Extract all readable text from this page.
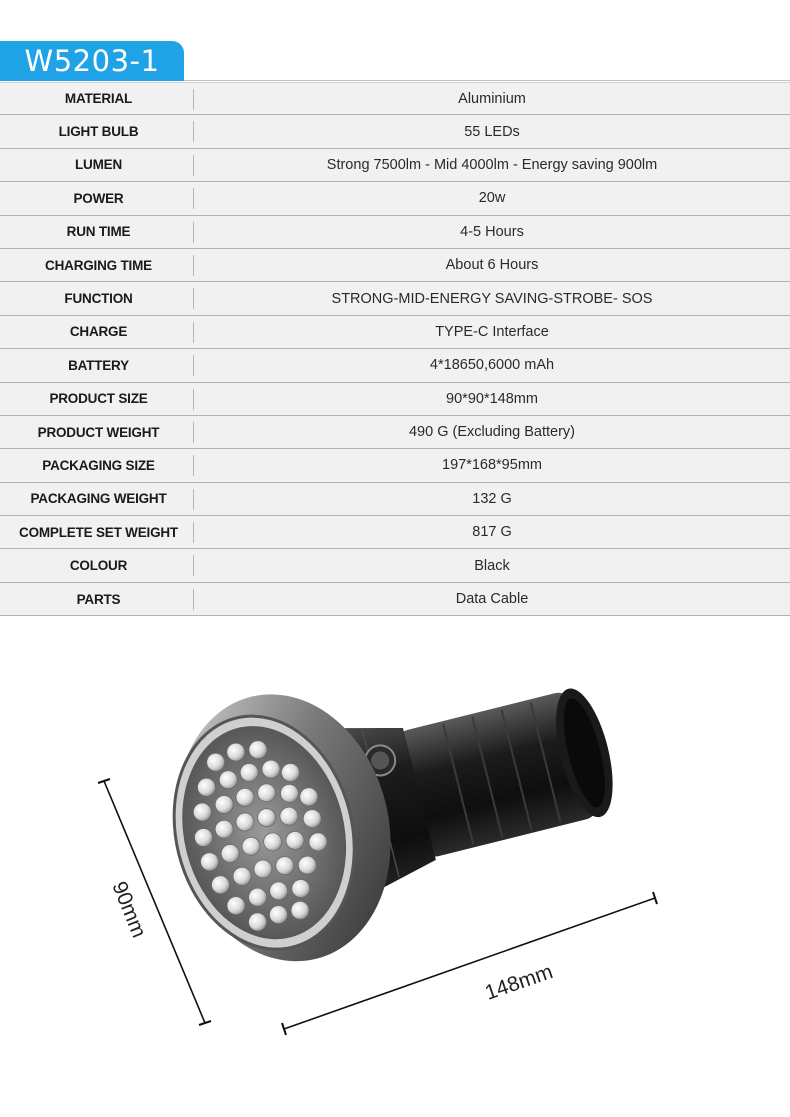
W5203-1
MATERIAL	Aluminium
LIGHT BULB	55 LEDs
LUMEN	Strong 7500lm - Mid 4000lm - Energy saving 900lm
POWER	20w
RUN TIME	4-5 Hours
CHARGING TIME	About 6 Hours
FUNCTION	STRONG-MID-ENERGY SAVING-STROBE- SOS
CHARGE	TYPE-C Interface
BATTERY	4*18650,6000 mAh
PRODUCT SIZE	90*90*148mm
PRODUCT WEIGHT	490 G (Excluding Battery)
PACKAGING SIZE	197*168*95mm
PACKAGING WEIGHT	132 G
COMPLETE SET WEIGHT	817 G
COLOUR	Black
PARTS	Data Cable
90mm
148mm
